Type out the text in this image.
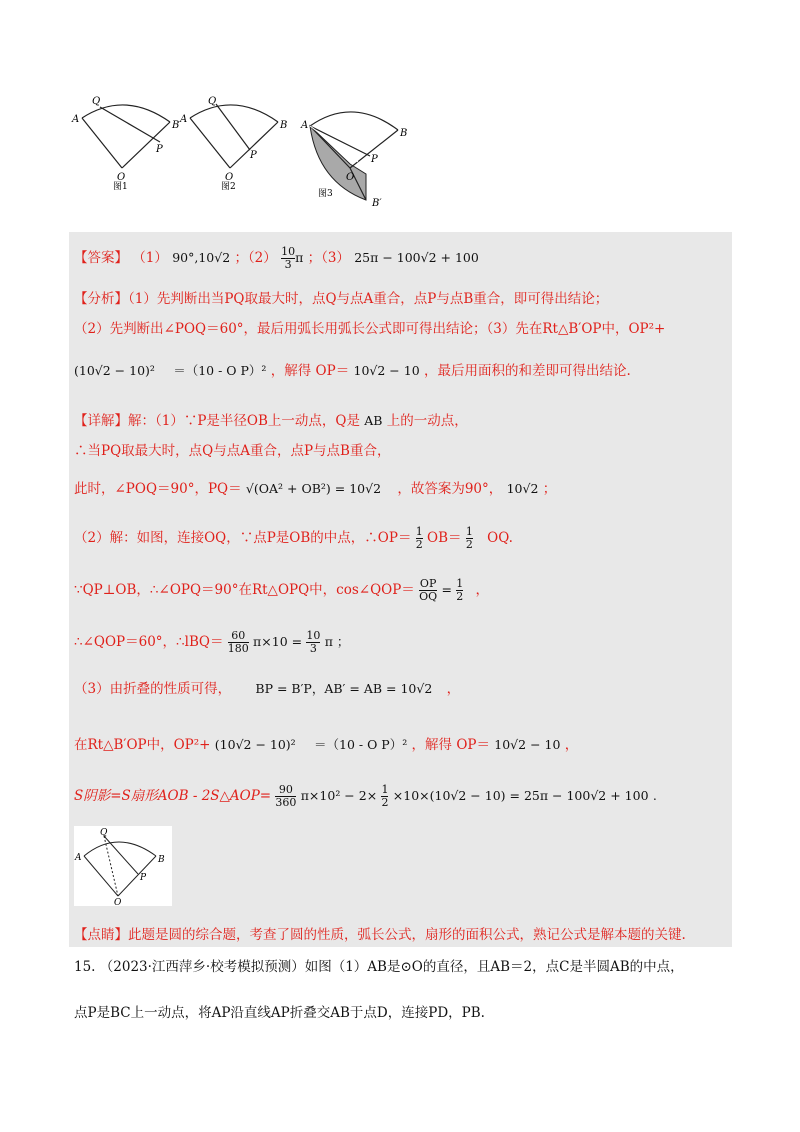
Q
A
B
P
O
图1
Q
A
B
P
O
图2
A
B
P
O
B′
图3
【答案】 （1） 90°,10√2 ；$(2) \frac{10}{3}$ π ；（3） 25π − 100√2 + 100
【分析】（1）先判断出当PQ取最大时，点Q与点A重合，点P与点B重合，即可得出结论；
（2）先判断出∠POQ＝60°，最后用弧长用弧长公式即可得出结论；（3）先在Rt△B′OP中，OP²+
(10√2 − 10)² ＝（10 - O P）² ，解得 OP＝ 10√2 − 10 ，最后用面积的和差即可得出结论.
【详解】解：（1）∵P是半径OB上一动点，Q是 AB 上的一动点，
∴当PQ取最大时，点Q与点A重合，点P与点B重合，
此时，∠POQ＝90°，PQ＝ √(OA² + OB²) = 10√2 ，故答案为90°， 10√2 ；
（2）解：如图，连接OQ，∵点P是OB的中点，∴OP＝ $\frac{1}{2} OB= \frac{1}{2}$ OQ.
∵QP⊥OB，∴∠OPQ＝90°在Rt△OPQ中，cos∠QOP＝ $\frac{OP}{OQ} = \frac{1}{2}$ ，
∴∠QOP＝60°，∴lBQ＝ $\frac{60}{180} \pi\times 10 = \frac{10}{3}$ π ；
（3）由折叠的性质可得， BP = B′P，AB′ = AB = 10√2 ，
在Rt△B′OP中，OP²+ (10√2 − 10)² ＝（10 - O P）² ，解得 OP＝ 10√2 − 10 ，
S阴影=S扇形AOB - 2S△AOP= $\frac{90}{360} \pi\times 10^2 - 2\times \frac{1}{2} \times 10\times(10√2 - 10) = 25\pi - 100√2 + 100$ .
Q
A	B
P
O
【点睛】此题是圆的综合题，考查了圆的性质，弧长公式，扇形的面积公式，熟记公式是解本题的关键.
15. （2023·江西萍乡·校考模拟预测）如图（1）AB是⊙O的直径，且AB＝2，点C是半圆AB的中点，
点P是BC上一动点，将AP沿直线AP折叠交AB于点D，连接PD，PB.
